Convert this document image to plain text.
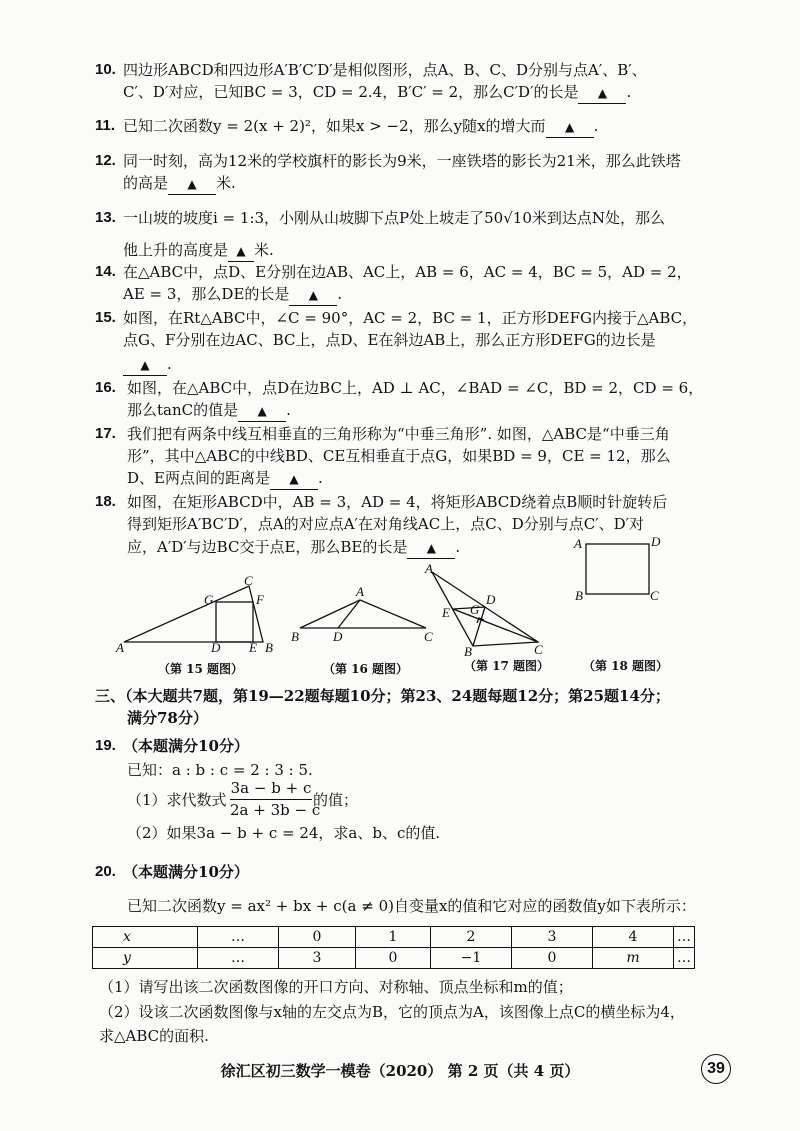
10. 四边形ABCD和四边形A′B′C′D′是相似图形，点A、B、C、D分别与点A′、B′、
C′、D′对应，已知BC = 3，CD = 2.4，B′C′ = 2，那么C′D′的长是 ▲ .
11. 已知二次函数y = 2(x + 2)²，如果x > −2，那么y随x的增大而 ▲ .
12. 同一时刻，高为12米的学校旗杆的影长为9米，一座铁塔的影长为21米，那么此铁塔
的高是 ▲ 米.
13. 一山坡的坡度i = 1:3，小刚从山坡脚下点P处上坡走了50√10米到达点N处，那么
他上升的高度是 ▲ 米.
14. 在△ABC中，点D、E分别在边AB、AC上，AB = 6，AC = 4，BC = 5，AD = 2，
AE = 3，那么DE的长是 ▲ .
15. 如图，在Rt△ABC中，∠C = 90°，AC = 2，BC = 1，正方形DEFG内接于△ABC，
点G、F分别在边AC、BC上，点D、E在斜边AB上，那么正方形DEFG的边长是
▲ .
16. 如图，在△ABC中，点D在边BC上，AD ⊥ AC，∠BAD = ∠C，BD = 2，CD = 6，
那么tanC的值是 ▲ .
17. 我们把有两条中线互相垂直的三角形称为“中垂三角形”. 如图，△ABC是“中垂三角
形”，其中△ABC的中线BD、CE互相垂直于点G，如果BD = 9，CE = 12，那么
D、E两点间的距离是 ▲ .
18. 如图，在矩形ABCD中，AB = 3，AD = 4，将矩形ABCD绕着点B顺时针旋转后
得到矩形A′BC′D′，点A的对应点A′在对角线AC上，点C、D分别与点C′、D′对
应，A′D′与边BC交于点E，那么BE的长是 ▲ .
C
G	F
A	D E B
（第 15 题图）
A
B	D	C
（第 16 题图）
A
E G
D
B	C
（第 17 题图）
A	D
B	C
（第 18 题图）
三、（本大题共7题，第19—22题每题10分；第23、24题每题12分；第25题14分；
满分78分）
19. （本题满分10分）
已知：a : b : c = 2 : 3 : 5.
（1）求代数式 $\frac{3a - b + c}{2a + 3b - c}$ 的值；
（2）如果3a − b + c = 24，求a、b、c的值.
20. （本题满分10分）
已知二次函数y = ax² + bx + c(a ≠ 0)自变量x的值和它对应的函数值y如下表所示：
x	…	0	1	2	3	4	…
y	…	3	0	−1	0	m	…
（1）请写出该二次函数图像的开口方向、对称轴、顶点坐标和m的值；
（2）设该二次函数图像与x轴的左交点为B，它的顶点为A，该图像上点C的横坐标为4，
求△ABC的面积.
徐汇区初三数学一模卷（2020） 第 2 页（共 4 页）	39
